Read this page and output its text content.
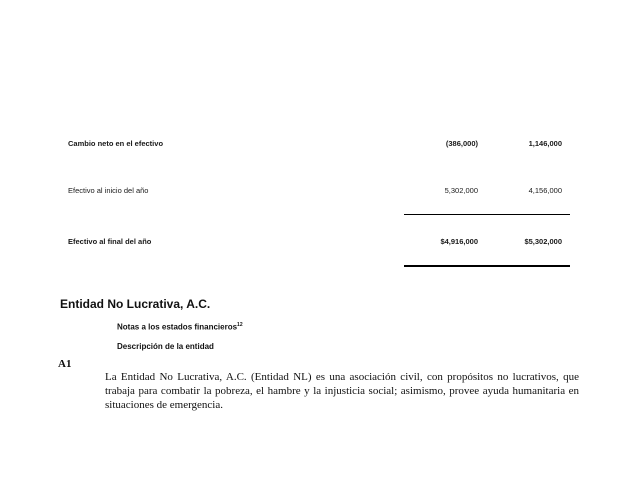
Cambio neto en el efectivo	(386,000)	1,146,000
Efectivo al inicio del año	5,302,000	4,156,000
Efectivo al final del año	$4,916,000	$5,302,000
Entidad No Lucrativa, A.C.
Notas a los estados financieros$^{12}$
Descripción de la entidad
A1
La Entidad No Lucrativa, A.C. (Entidad NL) es una asociación civil, con propósitos no lucrativos, que trabaja para combatir la pobreza, el hambre y la injusticia social; asimismo, provee ayuda humanitaria en situaciones de emergencia.
